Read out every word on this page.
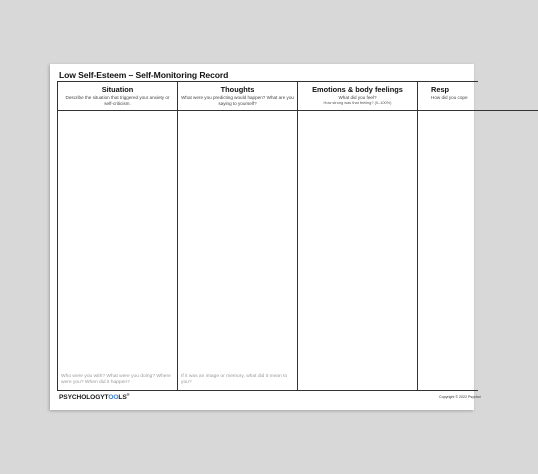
Low Self-Esteem – Self-Monitoring Record
Situation
Describe the situation that triggered your anxiety or self-criticism.
Who were you with? What were you doing? Where were you? When did it happen?
Thoughts
What were you predicting would happen? What are you saying to yourself?
If it was an image or memory, what did it mean to you?
Emotions & body feelings
What did you feel?
How strong was that feeling? (0–100%)
Resp
How did you cope
PSYCHOLOGYTOOLS®	Copyright © 2022 Psychol
